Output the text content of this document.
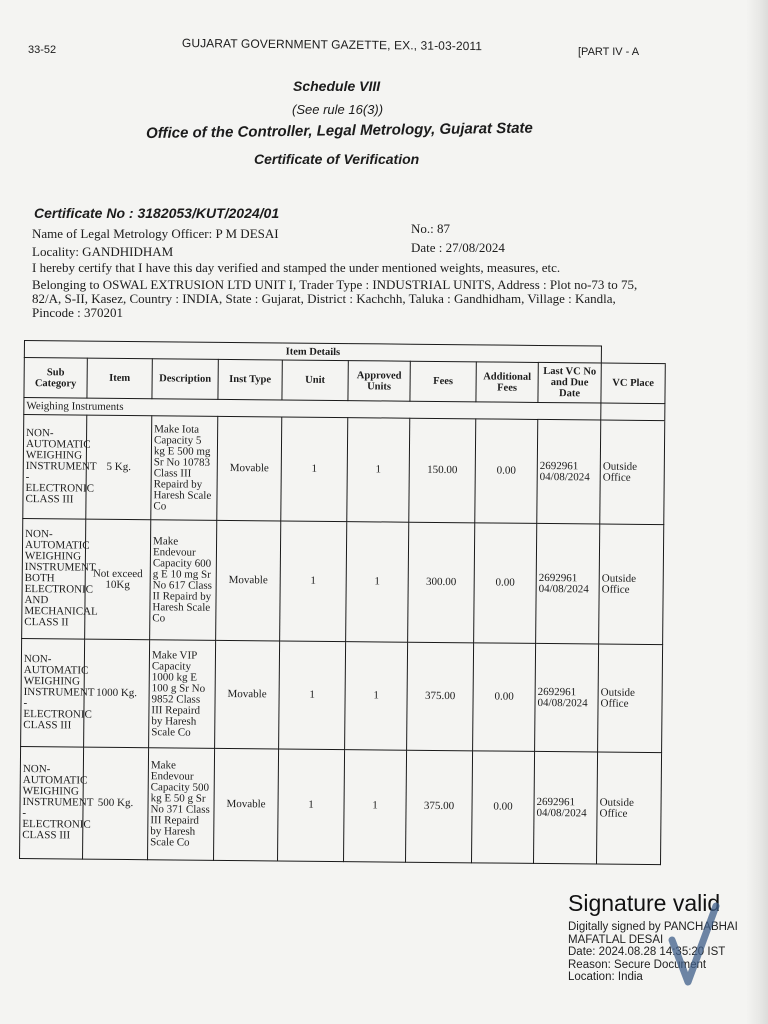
33-52	GUJARAT GOVERNMENT GAZETTE, EX., 31-03-2011	[PART IV - A
Schedule VIII
(See rule 16(3))
Office of the Controller, Legal Metrology, Gujarat State
Certificate of Verification
Certificate No : 3182053/KUT/2024/01
Name of Legal Metrology Officer: P M DESAI	No.: 87
Locality: GANDHIDHAM	Date : 27/08/2024
I hereby certify that I have this day verified and stamped the under mentioned weights, measures, etc.
Belonging to OSWAL EXTRUSION LTD UNIT I, Trader Type : INDUSTRIAL UNITS, Address : Plot no-73 to 75, 82/A, S-II, Kasez, Country : INDIA, State : Gujarat, District : Kachchh, Taluka : Gandhidham, Village : Kandla, Pincode : 370201
Item Details									
Sub Category	Item	Description	Inst Type	Unit	Approved Units	Fees	Additional Fees	Last VC No and Due Date	VC Place
Weighing Instruments									
NON-AUTOMATIC WEIGHING INSTRUMENT - ELECTRONIC CLASS III	5 Kg.	Make Iota Capacity 5 kg E 500 mg Sr No 10783 Class III Repaird by Haresh Scale Co	Movable	1	1	150.00	0.00	2692961
04/08/2024	Outside Office
NON-AUTOMATIC WEIGHING INSTRUMENT BOTH ELECTRONIC AND MECHANICAL CLASS II	Not exceed 10Kg	Make Endevour Capacity 600 g E 10 mg Sr No 617 Class II Repaird by Haresh Scale Co	Movable	1	1	300.00	0.00	2692961
04/08/2024	Outside Office
NON-AUTOMATIC WEIGHING INSTRUMENT - ELECTRONIC CLASS III	1000 Kg.	Make VIP Capacity 1000 kg E 100 g Sr No 9852 Class III Repaird by Haresh Scale Co	Movable	1	1	375.00	0.00	2692961
04/08/2024	Outside Office
NON-AUTOMATIC WEIGHING INSTRUMENT - ELECTRONIC CLASS III	500 Kg.	Make Endevour Capacity 500 kg E 50 g Sr No 371 Class III Repaird by Haresh Scale Co	Movable	1	1	375.00	0.00	2692961
04/08/2024	Outside Office
Signature valid
Digitally signed by PANCHABHAI
MAFATLAL DESAI
Date: 2024.08.28 14:35:20 IST
Reason: Secure Document
Location: India
